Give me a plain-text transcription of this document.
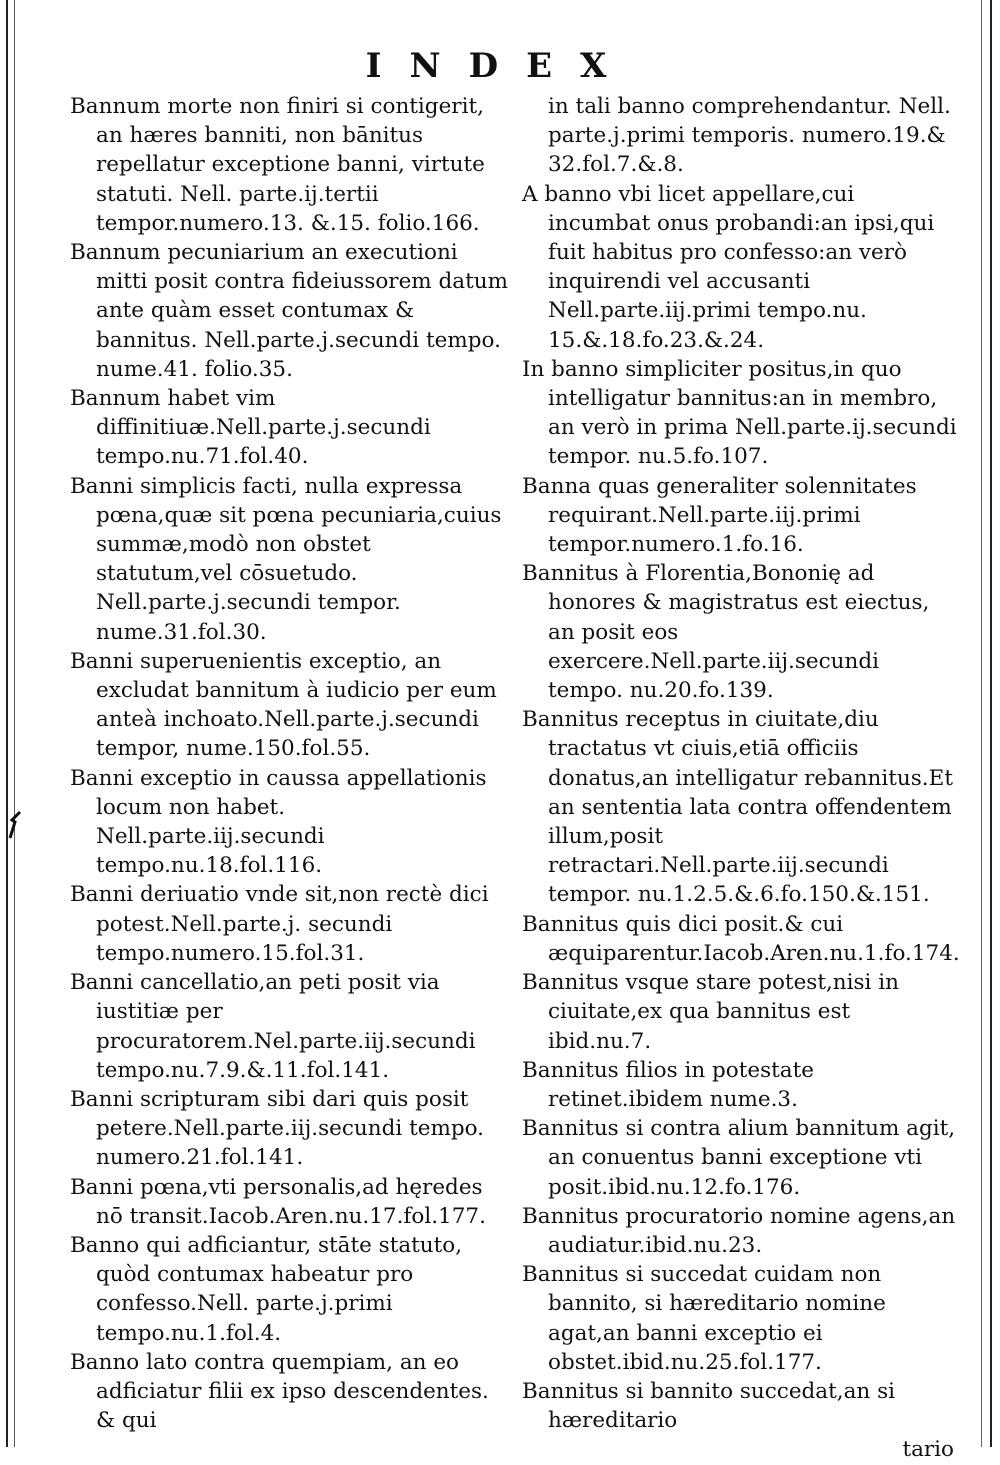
INDEX

Bannum morte non finiri si contigerit, an hæres banniti, non bānitus repellatur exceptione banni, virtute statuti. Nell. parte.ij.tertii tempor.numero.13. &.15. folio.166.

Bannum pecuniarium an executioni mitti posit contra fideiussorem datum ante quàm esset contumax & bannitus. Nell.parte.j.secundi tempo. nume.41. folio.35.

Bannum habet vim diffinitiuæ.Nell.parte.j.secundi tempo.nu.71.fol.40.

Banni simplicis facti, nulla expressa pœna,quæ sit pœna pecuniaria,cuius summæ,modò non obstet statutum,vel cōsuetudo. Nell.parte.j.secundi tempor. nume.31.fol.30.

Banni superuenientis exceptio, an excludat bannitum à iudicio per eum anteà inchoato.Nell.parte.j.secundi tempor, nume.150.fol.55.

Banni exceptio in caussa appellationis locum non habet. Nell.parte.iij.secundi tempo.nu.18.fol.116.

Banni deriuatio vnde sit,non rectè dici potest.Nell.parte.j. secundi tempo.numero.15.fol.31.

Banni cancellatio,an peti posit via iustitiæ per procuratorem.Nel.parte.iij.secundi tempo.nu.7.9.&.11.fol.141.

Banni scripturam sibi dari quis posit petere.Nell.parte.iij.secundi tempo. numero.21.fol.141.

Banni pœna,vti personalis,ad hęredes nō transit.Iacob.Aren.nu.17.fol.177.

Banno qui adficiantur, stāte statuto, quòd contumax habeatur pro confesso.Nell. parte.j.primi tempo.nu.1.fol.4.

Banno lato contra quempiam, an eo adficiatur filii ex ipso descendentes. & qui

in tali banno comprehendantur. Nell. parte.j.primi temporis. numero.19.& 32.fol.7.&.8.

A banno vbi licet appellare,cui incumbat onus probandi:an ipsi,qui fuit habitus pro confesso:an verò inquirendi vel accusanti Nell.parte.iij.primi tempo.nu. 15.&.18.fo.23.&.24.

In banno simpliciter positus,in quo intelligatur bannitus:an in membro, an verò in prima Nell.parte.ij.secundi tempor. nu.5.fo.107.

Banna quas generaliter solennitates requirant.Nell.parte.iij.primi tempor.numero.1.fo.16.

Bannitus à Florentia,Bononię ad honores & magistratus est eiectus, an posit eos exercere.Nell.parte.iij.secundi tempo. nu.20.fo.139.

Bannitus receptus in ciuitate,diu tractatus vt ciuis,etiā officiis donatus,an intelligatur rebannitus.Et an sententia lata contra offendentem illum,posit retractari.Nell.parte.iij.secundi tempor. nu.1.2.5.&.6.fo.150.&.151.

Bannitus quis dici posit.& cui æquiparentur.Iacob.Aren.nu.1.fo.174.

Bannitus vsque stare potest,nisi in ciuitate,ex qua bannitus est ibid.nu.7.

Bannitus filios in potestate retinet.ibidem nume.3.

Bannitus si contra alium bannitum agit, an conuentus banni exceptione vti posit.ibid.nu.12.fo.176.

Bannitus procuratorio nomine agens,an audiatur.ibid.nu.23.

Bannitus si succedat cuidam non bannito, si hæreditario nomine agat,an banni exceptio ei obstet.ibid.nu.25.fol.177.

Bannitus si bannito succedat,an si hæreditario

tario
